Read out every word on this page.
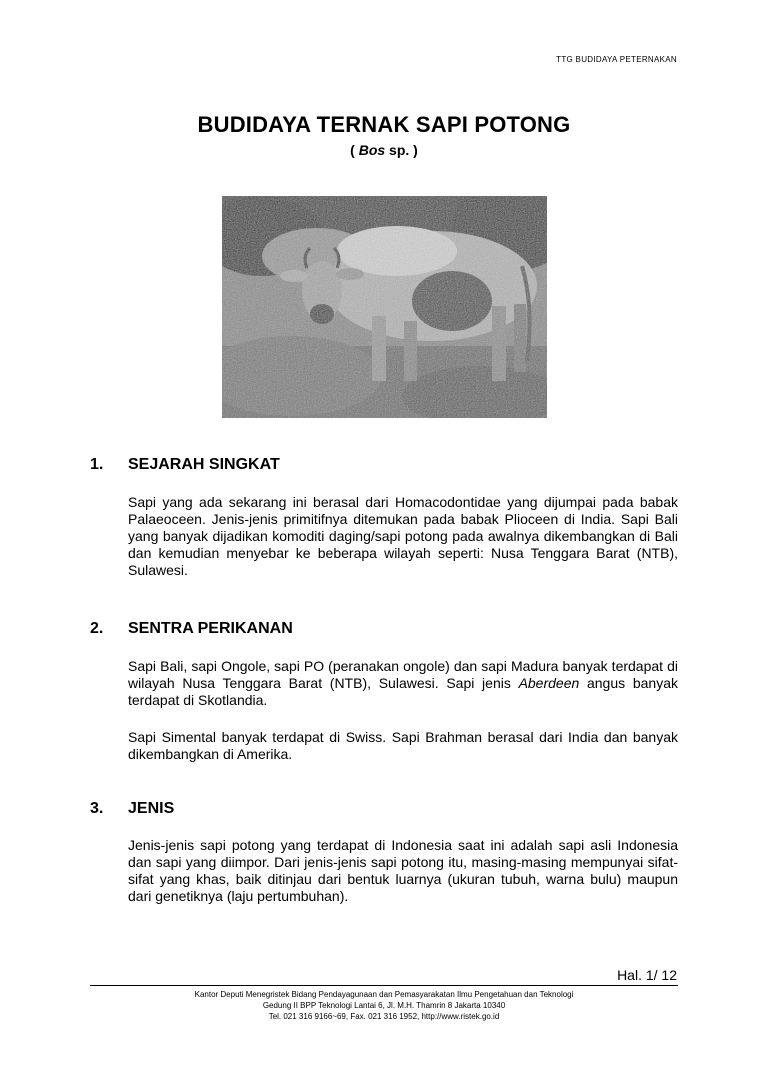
TTG BUDIDAYA PETERNAKAN
BUDIDAYA TERNAK SAPI POTONG
( Bos sp. )
1. SEJARAH SINGKAT

Sapi yang ada sekarang ini berasal dari Homacodontidae yang dijumpai pada babak Palaeoceen. Jenis-jenis primitifnya ditemukan pada babak Plioceen di India. Sapi Bali yang banyak dijadikan komoditi daging/sapi potong pada awalnya dikembangkan di Bali dan kemudian menyebar ke beberapa wilayah seperti: Nusa Tenggara Barat (NTB), Sulawesi.

2. SENTRA PERIKANAN

Sapi Bali, sapi Ongole, sapi PO (peranakan ongole) dan sapi Madura banyak terdapat di wilayah Nusa Tenggara Barat (NTB), Sulawesi. Sapi jenis Aberdeen angus banyak terdapat di Skotlandia.

Sapi Simental banyak terdapat di Swiss. Sapi Brahman berasal dari India dan banyak dikembangkan di Amerika.

3. JENIS

Jenis-jenis sapi potong yang terdapat di Indonesia saat ini adalah sapi asli Indonesia dan sapi yang diimpor. Dari jenis-jenis sapi potong itu, masing-masing mempunyai sifat-sifat yang khas, baik ditinjau dari bentuk luarnya (ukuran tubuh, warna bulu) maupun dari genetiknya (laju pertumbuhan).

Hal. 1/ 12
Kantor Deputi Menegristek Bidang Pendayagunaan dan Pemasyarakatan Ilmu Pengetahuan dan Teknologi
Gedung II BPP Teknologi Lantai 6, Jl. M.H. Thamrin 8 Jakarta 10340
Tel. 021 316 9166~69, Fax. 021 316 1952, http://www.ristek.go.id
